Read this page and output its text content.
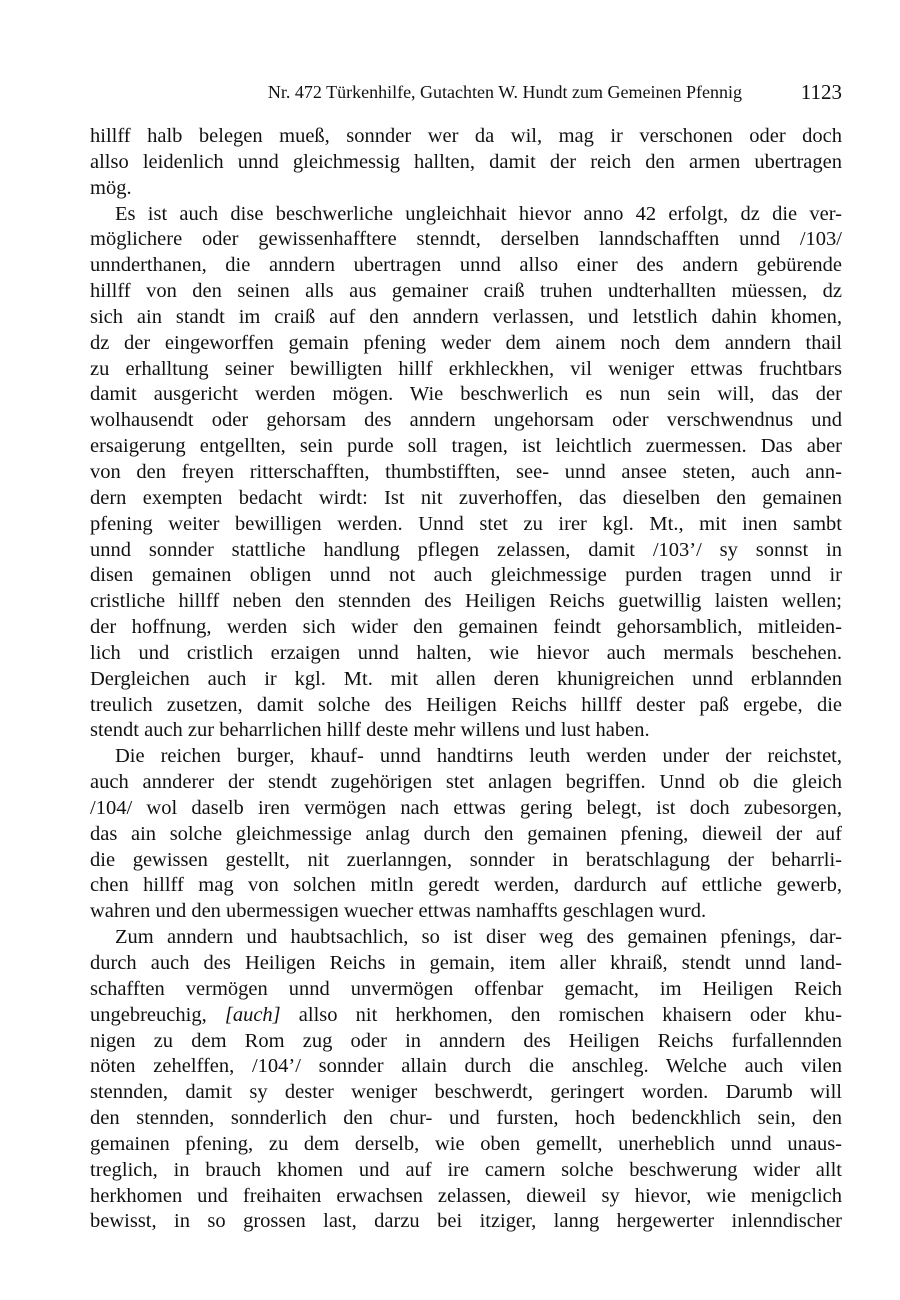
Nr. 472 Türkenhilfe, Gutachten W. Hundt zum Gemeinen Pfennig	1123
hillff halb belegen mueß, sonnder wer da wil, mag ir verschonen oder doch
allso leidenlich unnd gleichmessig hallten, damit der reich den armen ubertragen
mög.
Es ist auch dise beschwerliche ungleichhait hievor anno 42 erfolgt, dz die ver-
möglichere oder gewissenhafftere stenndt, derselben lanndschafften unnd /103/
unnderthanen, die anndern ubertragen unnd allso einer des andern gebürende
hillff von den seinen alls aus gemainer craiß truhen undterhallten müessen, dz
sich ain standt im craiß auf den anndern verlassen, und letstlich dahin khomen,
dz der eingeworffen gemain pfening weder dem ainem noch dem anndern thail
zu erhalltung seiner bewilligten hillf erkhleckhen, vil weniger ettwas fruchtbars
damit ausgericht werden mögen. Wie beschwerlich es nun sein will, das der
wolhausendt oder gehorsam des anndern ungehorsam oder verschwendnus und
ersaigerung entgellten, sein purde soll tragen, ist leichtlich zuermessen. Das aber
von den freyen ritterschafften, thumbstifften, see- unnd ansee steten, auch ann-
dern exempten bedacht wirdt: Ist nit zuverhoffen, das dieselben den gemainen
pfening weiter bewilligen werden. Unnd stet zu irer kgl. Mt., mit inen sambt
unnd sonnder stattliche handlung pflegen zelassen, damit /103’/ sy sonnst in
disen gemainen obligen unnd not auch gleichmessige purden tragen unnd ir
cristliche hillff neben den stennden des Heiligen Reichs guetwillig laisten wellen;
der hoffnung, werden sich wider den gemainen feindt gehorsamblich, mitleiden-
lich und cristlich erzaigen unnd halten, wie hievor auch mermals beschehen.
Dergleichen auch ir kgl. Mt. mit allen deren khunigreichen unnd erblannden
treulich zusetzen, damit solche des Heiligen Reichs hillff dester paß ergebe, die
stendt auch zur beharrlichen hillf deste mehr willens und lust haben.
Die reichen burger, khauf- unnd handtirns leuth werden under der reichstet,
auch annderer der stendt zugehörigen stet anlagen begriffen. Unnd ob die gleich
/104/ wol daselb iren vermögen nach ettwas gering belegt, ist doch zubesorgen,
das ain solche gleichmessige anlag durch den gemainen pfening, dieweil der auf
die gewissen gestellt, nit zuerlanngen, sonnder in beratschlagung der beharrli-
chen hillff mag von solchen mitln geredt werden, dardurch auf ettliche gewerb,
wahren und den ubermessigen wuecher ettwas namhaffts geschlagen wurd.
Zum anndern und haubtsachlich, so ist diser weg des gemainen pfenings, dar-
durch auch des Heiligen Reichs in gemain, item aller khraiß, stendt unnd land-
schafften vermögen unnd unvermögen offenbar gemacht, im Heiligen Reich
ungebreuchig, [auch] allso nit herkhomen, den romischen khaisern oder khu-
nigen zu dem Rom zug oder in anndern des Heiligen Reichs furfallennden
nöten zehelffen, /104’/ sonnder allain durch die anschleg. Welche auch vilen
stennden, damit sy dester weniger beschwerdt, geringert worden. Darumb will
den stennden, sonnderlich den chur- und fursten, hoch bedenckhlich sein, den
gemainen pfening, zu dem derselb, wie oben gemellt, unerheblich unnd unaus-
treglich, in brauch khomen und auf ire camern solche beschwerung wider allt
herkhomen und freihaiten erwachsen zelassen, dieweil sy hievor, wie menigclich
bewisst, in so grossen last, darzu bei itziger, lanng hergewerter inlenndischer
